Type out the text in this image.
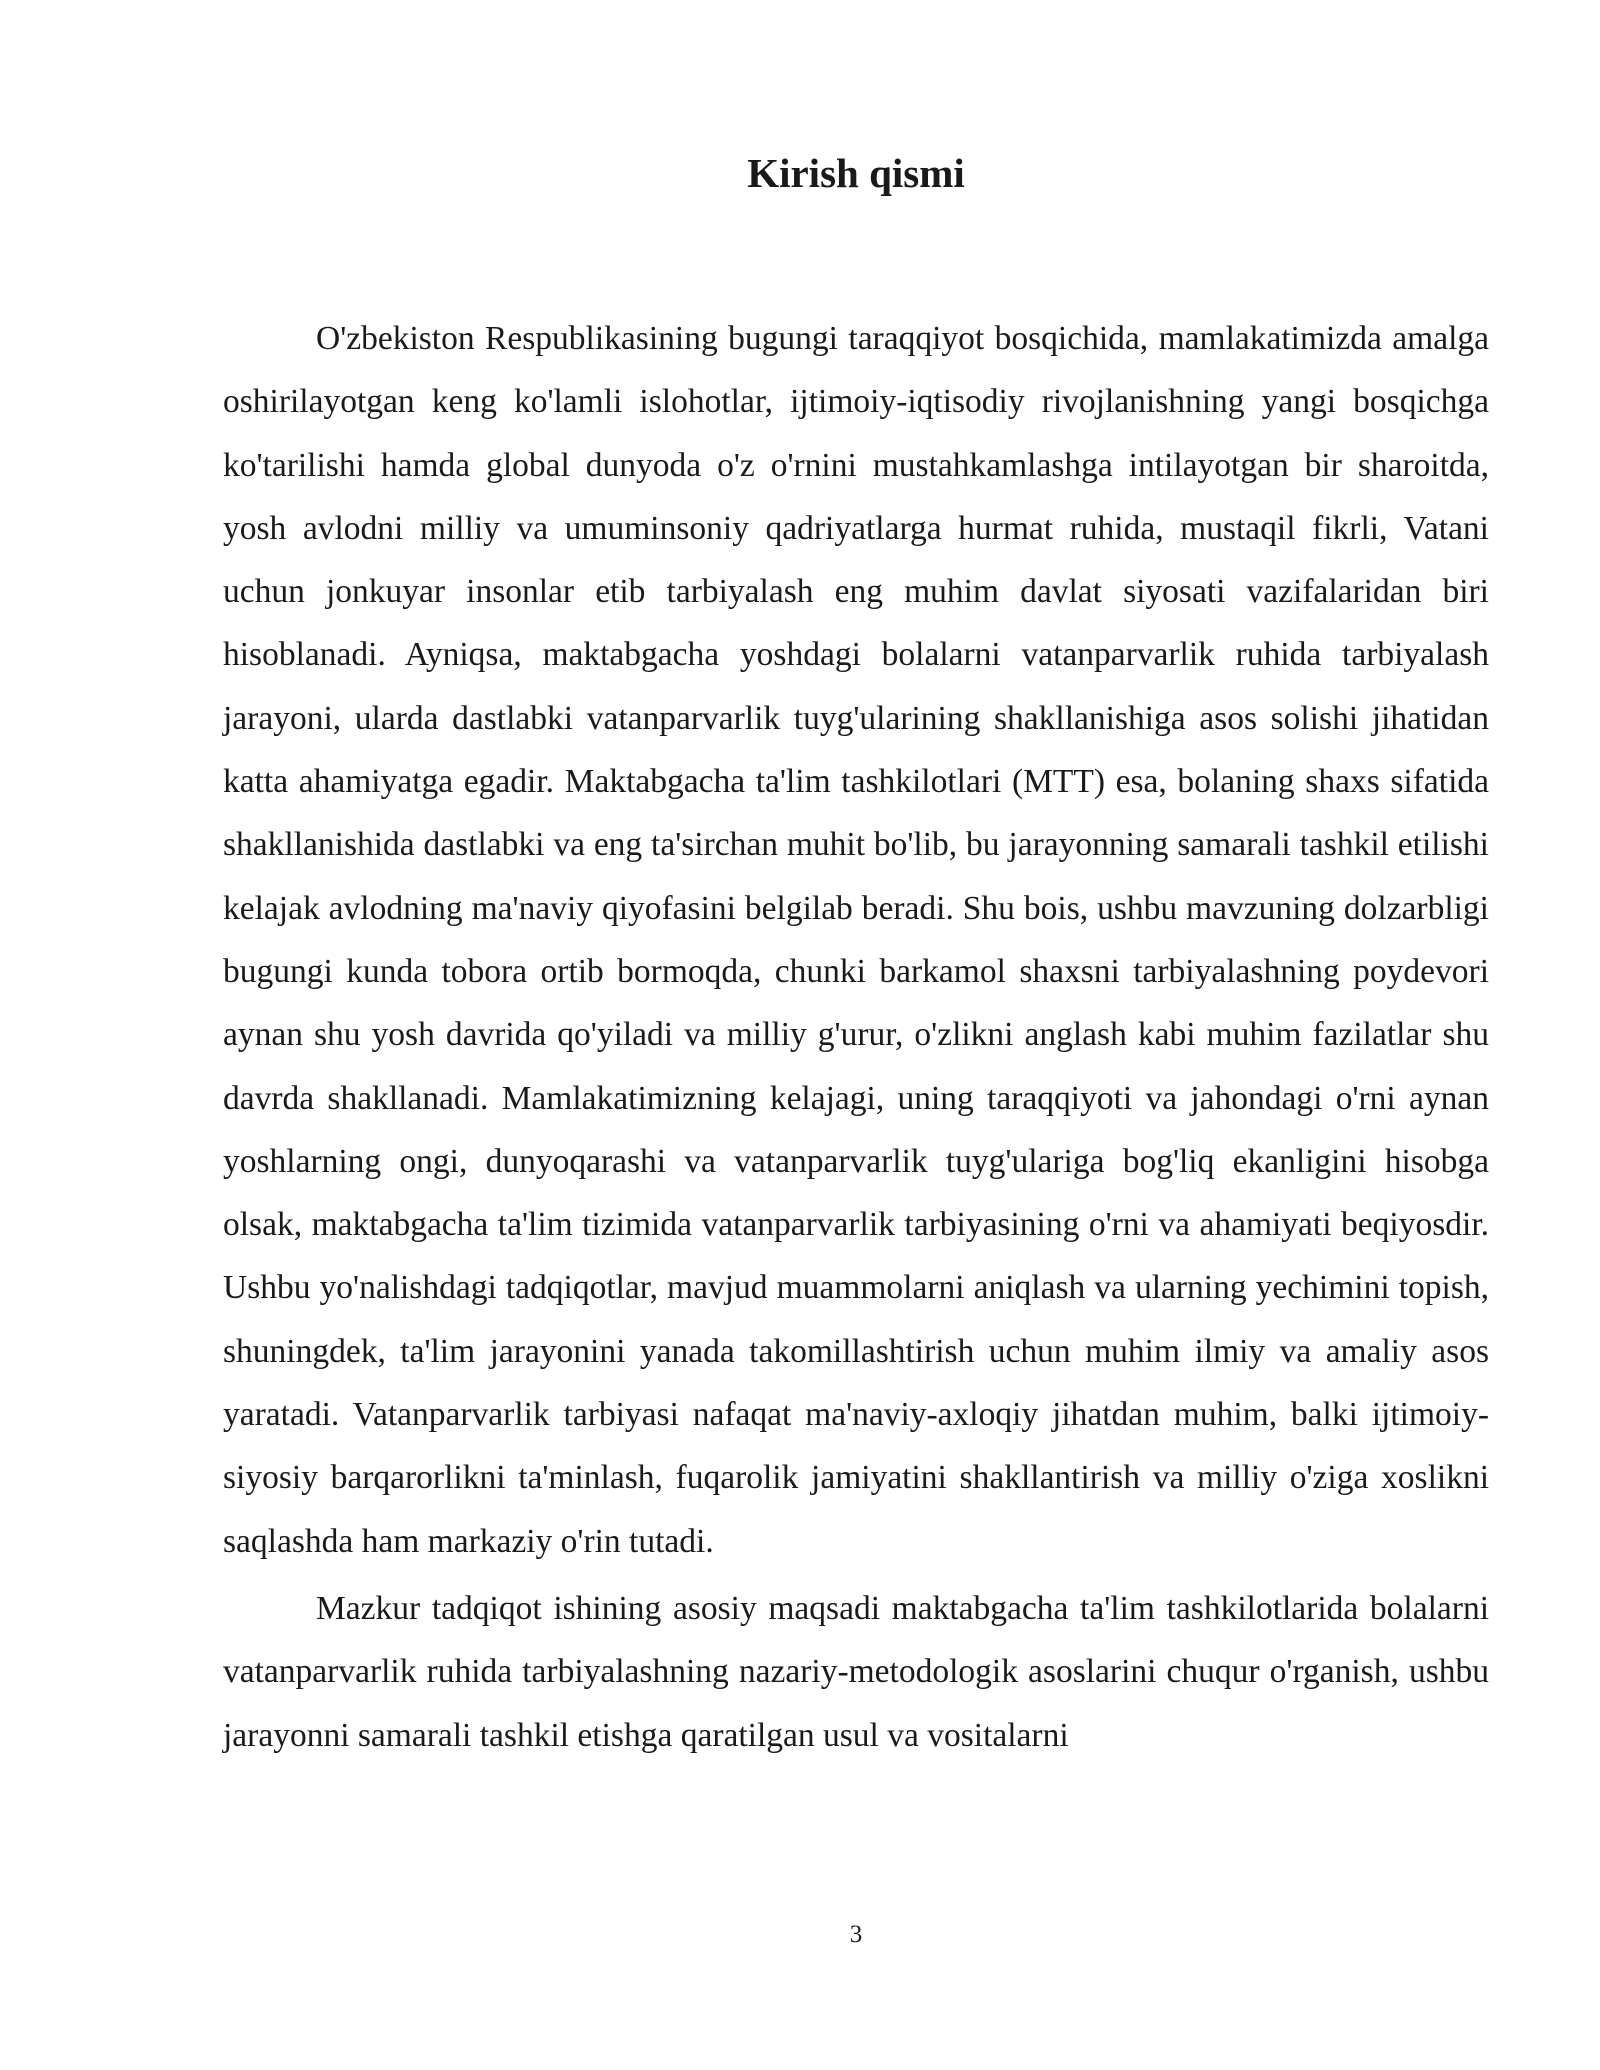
Kirish qismi

O'zbekiston Respublikasining bugungi taraqqiyot bosqichida, mamlakatimizda amalga oshirilayotgan keng ko'lamli islohotlar, ijtimoiy-iqtisodiy rivojlanishning yangi bosqichga ko'tarilishi hamda global dunyoda o'z o'rnini mustahkamlashga intilayotgan bir sharoitda, yosh avlodni milliy va umuminsoniy qadriyatlarga hurmat ruhida, mustaqil fikrli, Vatani uchun jonkuyar insonlar etib tarbiyalash eng muhim davlat siyosati vazifalaridan biri hisoblanadi. Ayniqsa, maktabgacha yoshdagi bolalarni vatanparvarlik ruhida tarbiyalash jarayoni, ularda dastlabki vatanparvarlik tuyg'ularining shakllanishiga asos solishi jihatidan katta ahamiyatga egadir. Maktabgacha ta'lim tashkilotlari (MTT) esa, bolaning shaxs sifatida shakllanishida dastlabki va eng ta'sirchan muhit bo'lib, bu jarayonning samarali tashkil etilishi kelajak avlodning ma'naviy qiyofasini belgilab beradi. Shu bois, ushbu mavzuning dolzarbligi bugungi kunda tobora ortib bormoqda, chunki barkamol shaxsni tarbiyalashning poydevori aynan shu yosh davrida qo'yiladi va milliy g'urur, o'zlikni anglash kabi muhim fazilatlar shu davrda shakllanadi. Mamlakatimizning kelajagi, uning taraqqiyoti va jahondagi o'rni aynan yoshlarning ongi, dunyoqarashi va vatanparvarlik tuyg'ulariga bog'liq ekanligini hisobga olsak, maktabgacha ta'lim tizimida vatanparvarlik tarbiyasining o'rni va ahamiyati beqiyosdir. Ushbu yo'nalishdagi tadqiqotlar, mavjud muammolarni aniqlash va ularning yechimini topish, shuningdek, ta'lim jarayonini yanada takomillashtirish uchun muhim ilmiy va amaliy asos yaratadi. Vatanparvarlik tarbiyasi nafaqat ma'naviy-axloqiy jihatdan muhim, balki ijtimoiy-siyosiy barqarorlikni ta'minlash, fuqarolik jamiyatini shakllantirish va milliy o'ziga xoslikni saqlashda ham markaziy o'rin tutadi.

Mazkur tadqiqot ishining asosiy maqsadi maktabgacha ta'lim tashkilotlarida bolalarni vatanparvarlik ruhida tarbiyalashning nazariy-metodologik asoslarini chuqur o'rganish, ushbu jarayonni samarali tashkil etishga qaratilgan usul va vositalarni

3
